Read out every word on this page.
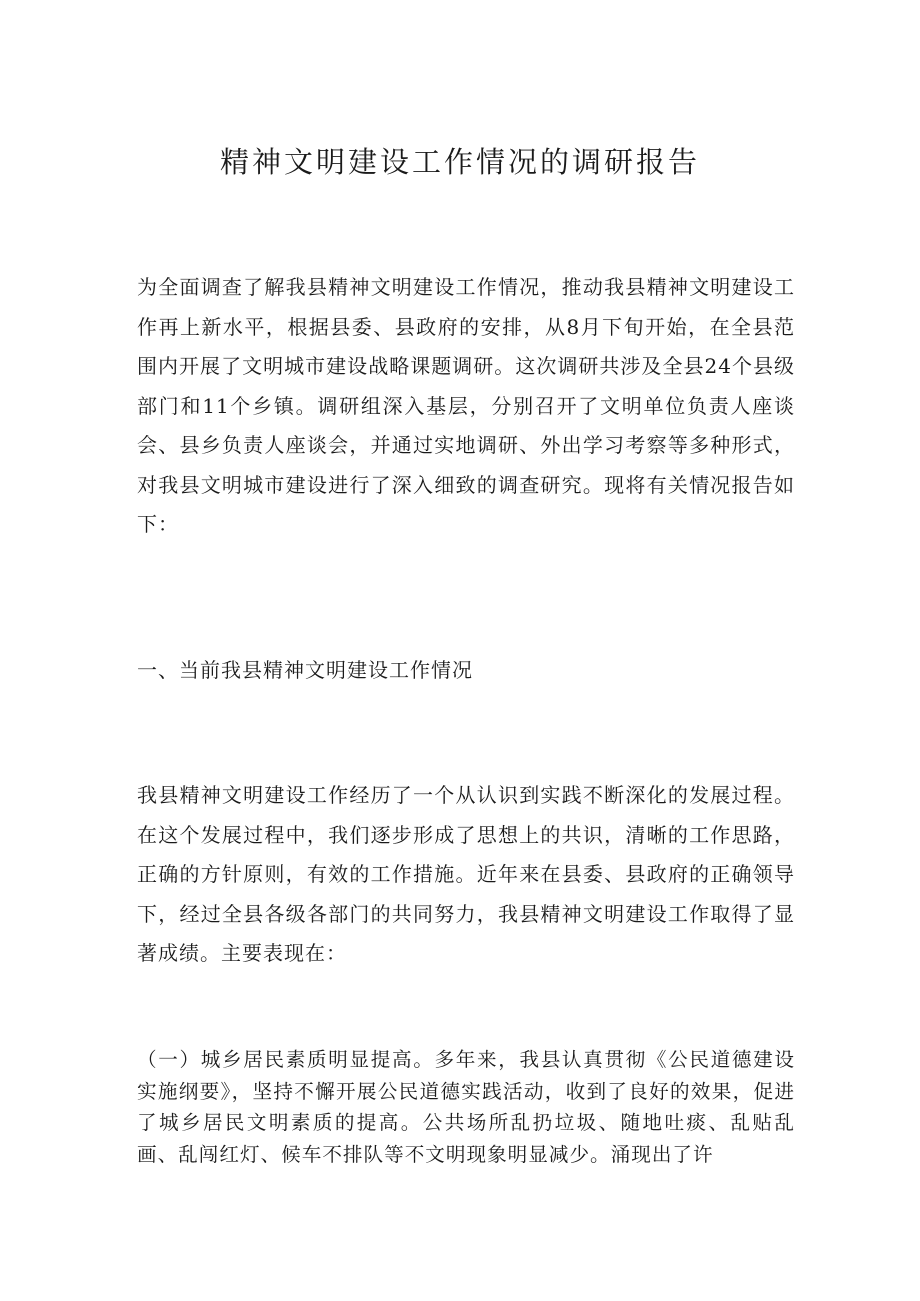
精神文明建设工作情况的调研报告

为全面调查了解我县精神文明建设工作情况，推动我县精神文明建设工作再上新水平，根据县委、县政府的安排，从8月下旬开始，在全县范围内开展了文明城市建设战略课题调研。这次调研共涉及全县24个县级部门和11个乡镇。调研组深入基层，分别召开了文明单位负责人座谈会、县乡负责人座谈会，并通过实地调研、外出学习考察等多种形式，对我县文明城市建设进行了深入细致的调查研究。现将有关情况报告如下：

一、当前我县精神文明建设工作情况

我县精神文明建设工作经历了一个从认识到实践不断深化的发展过程。在这个发展过程中，我们逐步形成了思想上的共识，清晰的工作思路，正确的方针原则，有效的工作措施。近年来在县委、县政府的正确领导下，经过全县各级各部门的共同努力，我县精神文明建设工作取得了显著成绩。主要表现在：

（一）城乡居民素质明显提高。多年来，我县认真贯彻《公民道德建设实施纲要》，坚持不懈开展公民道德实践活动，收到了良好的效果，促进了城乡居民文明素质的提高。公共场所乱扔垃圾、随地吐痰、乱贴乱画、乱闯红灯、候车不排队等不文明现象明显减少。涌现出了许
